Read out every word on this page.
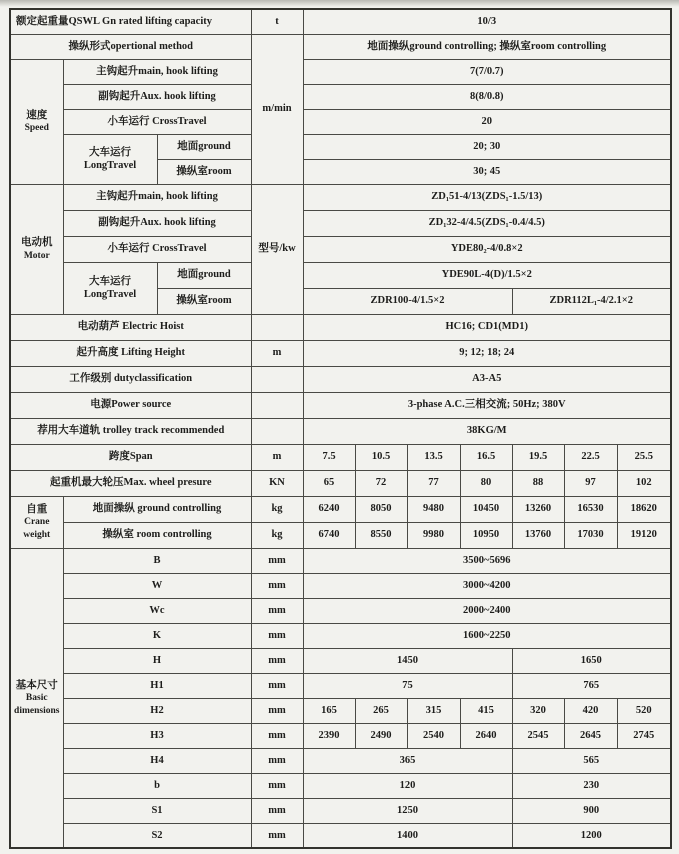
额定起重量QSWL Gn rated lifting capacity			t	10/3						
操纵形式opertional method			m/min	地面操纵ground controlling; 操纵室room controlling						

速度
Speed	主钩起升main, hook lifting			7(7/0.7)						
	副钩起升Aux. hook lifting			8(8/0.8)						
	小车运行 CrossTravel			20						

	大车运行
LongTravel	地面ground		20; 30						
		操纵室room		30; 45						

电动机
Motor	主钩起升main, hook lifting		型号/kw	ZD₁51-4/13(ZDS₁-1.5/13)						
	副钩起升Aux. hook lifting			ZD₁32-4/4.5(ZDS₁-0.4/4.5)						
	小车运行 CrossTravel			YDE80₂-4/0.8×2						

	大车运行
LongTravel	地面ground		YDE90L-4(D)/1.5×2						
		操纵室room		ZDR100-4/1.5×2				ZDR112L₁-4/2.1×2		
电动葫芦 Electric Hoist				HC16; CD1(MD1)						
起升高度 Lifting Height			m	9; 12; 18; 24						
工作级别 dutyclassification				A3-A5						
电源Power source				3-phase A.C.三相交流; 50Hz; 380V						
荐用大车道轨 trolley track recommended				38KG/M						
跨度Span			m	7.5	10.5	13.5	16.5	19.5	22.5	25.5
起重机最大轮压Max. wheel presure			KN	65	72	77	80	88	97	102

自重
Crane weight	地面操纵 ground controlling		kg	6240	8050	9480	10450	13260	16530	18620
	操纵室 room controlling		kg	6740	8550	9980	10950	13760	17030	19120

基本尺寸
Basic dimensions	B		mm	3500~5696						
	W		mm	3000~4200						
	Wc		mm	2000~2400						
	K		mm	1600~2250						
	H		mm	1450				1650		
	H1		mm	75				765		
	H2		mm	165	265	315	415	320	420	520
	H3		mm	2390	2490	2540	2640	2545	2645	2745
	H4		mm	365				565		
	b		mm	120				230		
	S1		mm	1250				900		
	S2		mm	1400				1200		
